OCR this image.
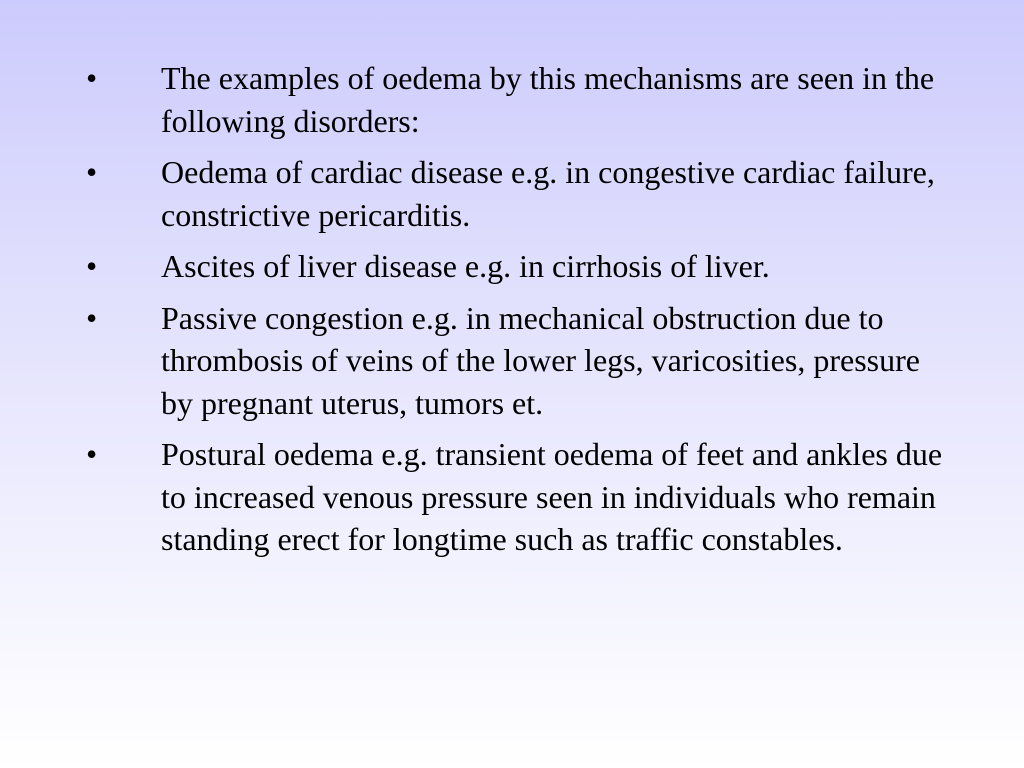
•	The examples of oedema by this mechanisms are seen in the following disorders:
•	Oedema of cardiac disease e.g. in congestive cardiac failure, constrictive pericarditis.
•	Ascites of liver disease e.g. in cirrhosis of liver.
•	Passive congestion e.g. in mechanical obstruction due to thrombosis of veins of the lower legs, varicosities, pressure by pregnant uterus, tumors et.
•	Postural oedema e.g. transient oedema of feet and ankles due to increased venous pressure seen in individuals who remain standing erect for longtime such as traffic constables.
